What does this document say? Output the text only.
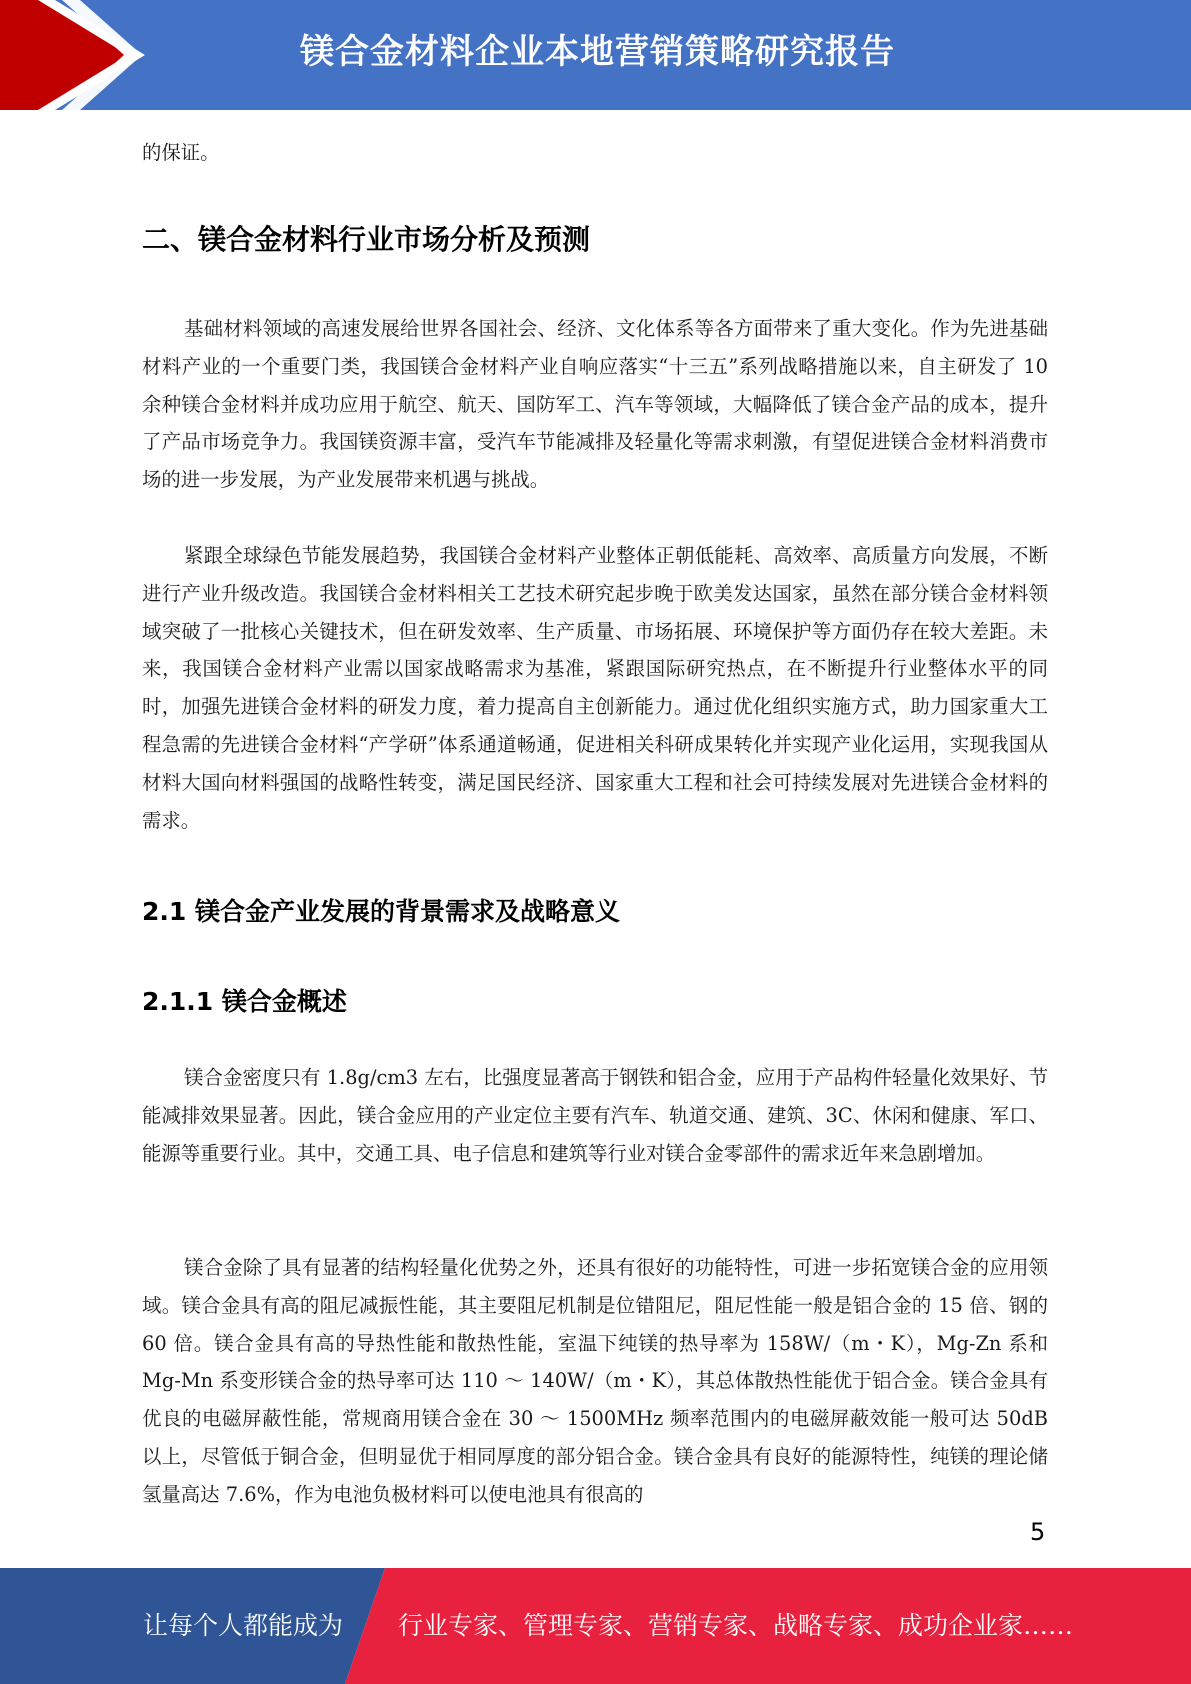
镁合金材料企业本地营销策略研究报告
的保证。
二、镁合金材料行业市场分析及预测
基础材料领域的高速发展给世界各国社会、经济、文化体系等各方面带来了重大变化。作为先进基础材料产业的一个重要门类，我国镁合金材料产业自响应落实“十三五”系列战略措施以来，自主研发了 10 余种镁合金材料并成功应用于航空、航天、国防军工、汽车等领域，大幅降低了镁合金产品的成本，提升了产品市场竞争力。我国镁资源丰富，受汽车节能减排及轻量化等需求刺激，有望促进镁合金材料消费市场的进一步发展，为产业发展带来机遇与挑战。
紧跟全球绿色节能发展趋势，我国镁合金材料产业整体正朝低能耗、高效率、高质量方向发展，不断进行产业升级改造。我国镁合金材料相关工艺技术研究起步晚于欧美发达国家，虽然在部分镁合金材料领域突破了一批核心关键技术，但在研发效率、生产质量、市场拓展、环境保护等方面仍存在较大差距。未来，我国镁合金材料产业需以国家战略需求为基准，紧跟国际研究热点，在不断提升行业整体水平的同时，加强先进镁合金材料的研发力度，着力提高自主创新能力。通过优化组织实施方式，助力国家重大工程急需的先进镁合金材料“产学研”体系通道畅通，促进相关科研成果转化并实现产业化运用，实现我国从材料大国向材料强国的战略性转变，满足国民经济、国家重大工程和社会可持续发展对先进镁合金材料的需求。
2.1 镁合金产业发展的背景需求及战略意义
2.1.1 镁合金概述
镁合金密度只有 1.8g/cm3 左右，比强度显著高于钢铁和铝合金，应用于产品构件轻量化效果好、节能减排效果显著。因此，镁合金应用的产业定位主要有汽车、轨道交通、建筑、3C、休闲和健康、军口、能源等重要行业。其中，交通工具、电子信息和建筑等行业对镁合金零部件的需求近年来急剧增加。
镁合金除了具有显著的结构轻量化优势之外，还具有很好的功能特性，可进一步拓宽镁合金的应用领域。镁合金具有高的阻尼减振性能，其主要阻尼机制是位错阻尼，阻尼性能一般是铝合金的 15 倍、钢的 60 倍。镁合金具有高的导热性能和散热性能，室温下纯镁的热导率为 158W/（m・K），Mg-Zn 系和 Mg-Mn 系变形镁合金的热导率可达 110 ～ 140W/（m・K），其总体散热性能优于铝合金。镁合金具有优良的电磁屏蔽性能，常规商用镁合金在 30 ～ 1500MHz 频率范围内的电磁屏蔽效能一般可达 50dB 以上，尽管低于铜合金，但明显优于相同厚度的部分铝合金。镁合金具有良好的能源特性，纯镁的理论储氢量高达 7.6%，作为电池负极材料可以使电池具有很高的
5
让每个人都能成为 行业专家、管理专家、营销专家、战略专家、成功企业家……
